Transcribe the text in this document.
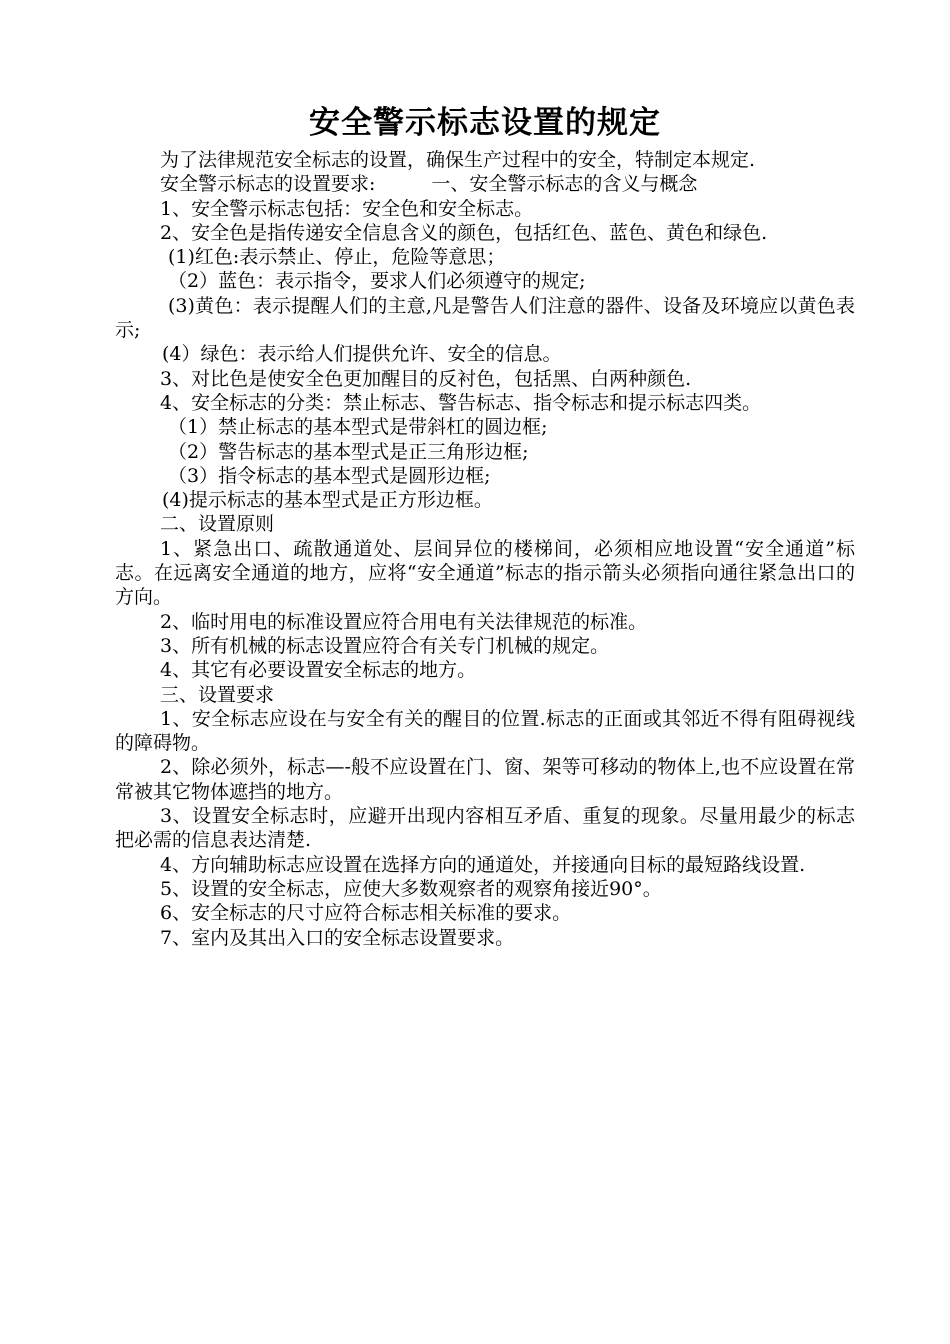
安全警示标志设置的规定

为了法律规范安全标志的设置，确保生产过程中的安全，特制定本规定.

安全警示标志的设置要求:	一、安全警示标志的含义与概念

1、安全警示标志包括：安全色和安全标志。

2、安全色是指传递安全信息含义的颜色，包括红色、蓝色、黄色和绿色.

(1)红色:表示禁止、停止，危险等意思；

（2）蓝色：表示指令，要求人们必须遵守的规定;

(3)黄色：表示提醒人们的主意,凡是警告人们注意的器件、设备及环境应以黄色表示;

(4）绿色：表示给人们提供允许、安全的信息。

3、对比色是使安全色更加醒目的反衬色，包括黑、白两种颜色.

4、安全标志的分类：禁止标志、警告标志、指令标志和提示标志四类。

（1）禁止标志的基本型式是带斜杠的圆边框;

（2）警告标志的基本型式是正三角形边框;

（3）指令标志的基本型式是圆形边框;

(4)提示标志的基本型式是正方形边框。

二、设置原则

1、紧急出口、疏散通道处、层间异位的楼梯间，必须相应地设置“安全通道”标志。在远离安全通道的地方，应将“安全通道”标志的指示箭头必须指向通往紧急出口的方向。

2、临时用电的标准设置应符合用电有关法律规范的标准。

3、所有机械的标志设置应符合有关专门机械的规定。

4、其它有必要设置安全标志的地方。

三、设置要求

1、安全标志应设在与安全有关的醒目的位置.标志的正面或其邻近不得有阻碍视线的障碍物。

2、除必须外，标志—-般不应设置在门、窗、架等可移动的物体上,也不应设置在常常被其它物体遮挡的地方。

3、设置安全标志时，应避开出现内容相互矛盾、重复的现象。尽量用最少的标志把必需的信息表达清楚.

4、方向辅助标志应设置在选择方向的通道处，并接通向目标的最短路线设置.

5、设置的安全标志，应使大多数观察者的观察角接近90°。

6、安全标志的尺寸应符合标志相关标准的要求。

7、室内及其出入口的安全标志设置要求。
